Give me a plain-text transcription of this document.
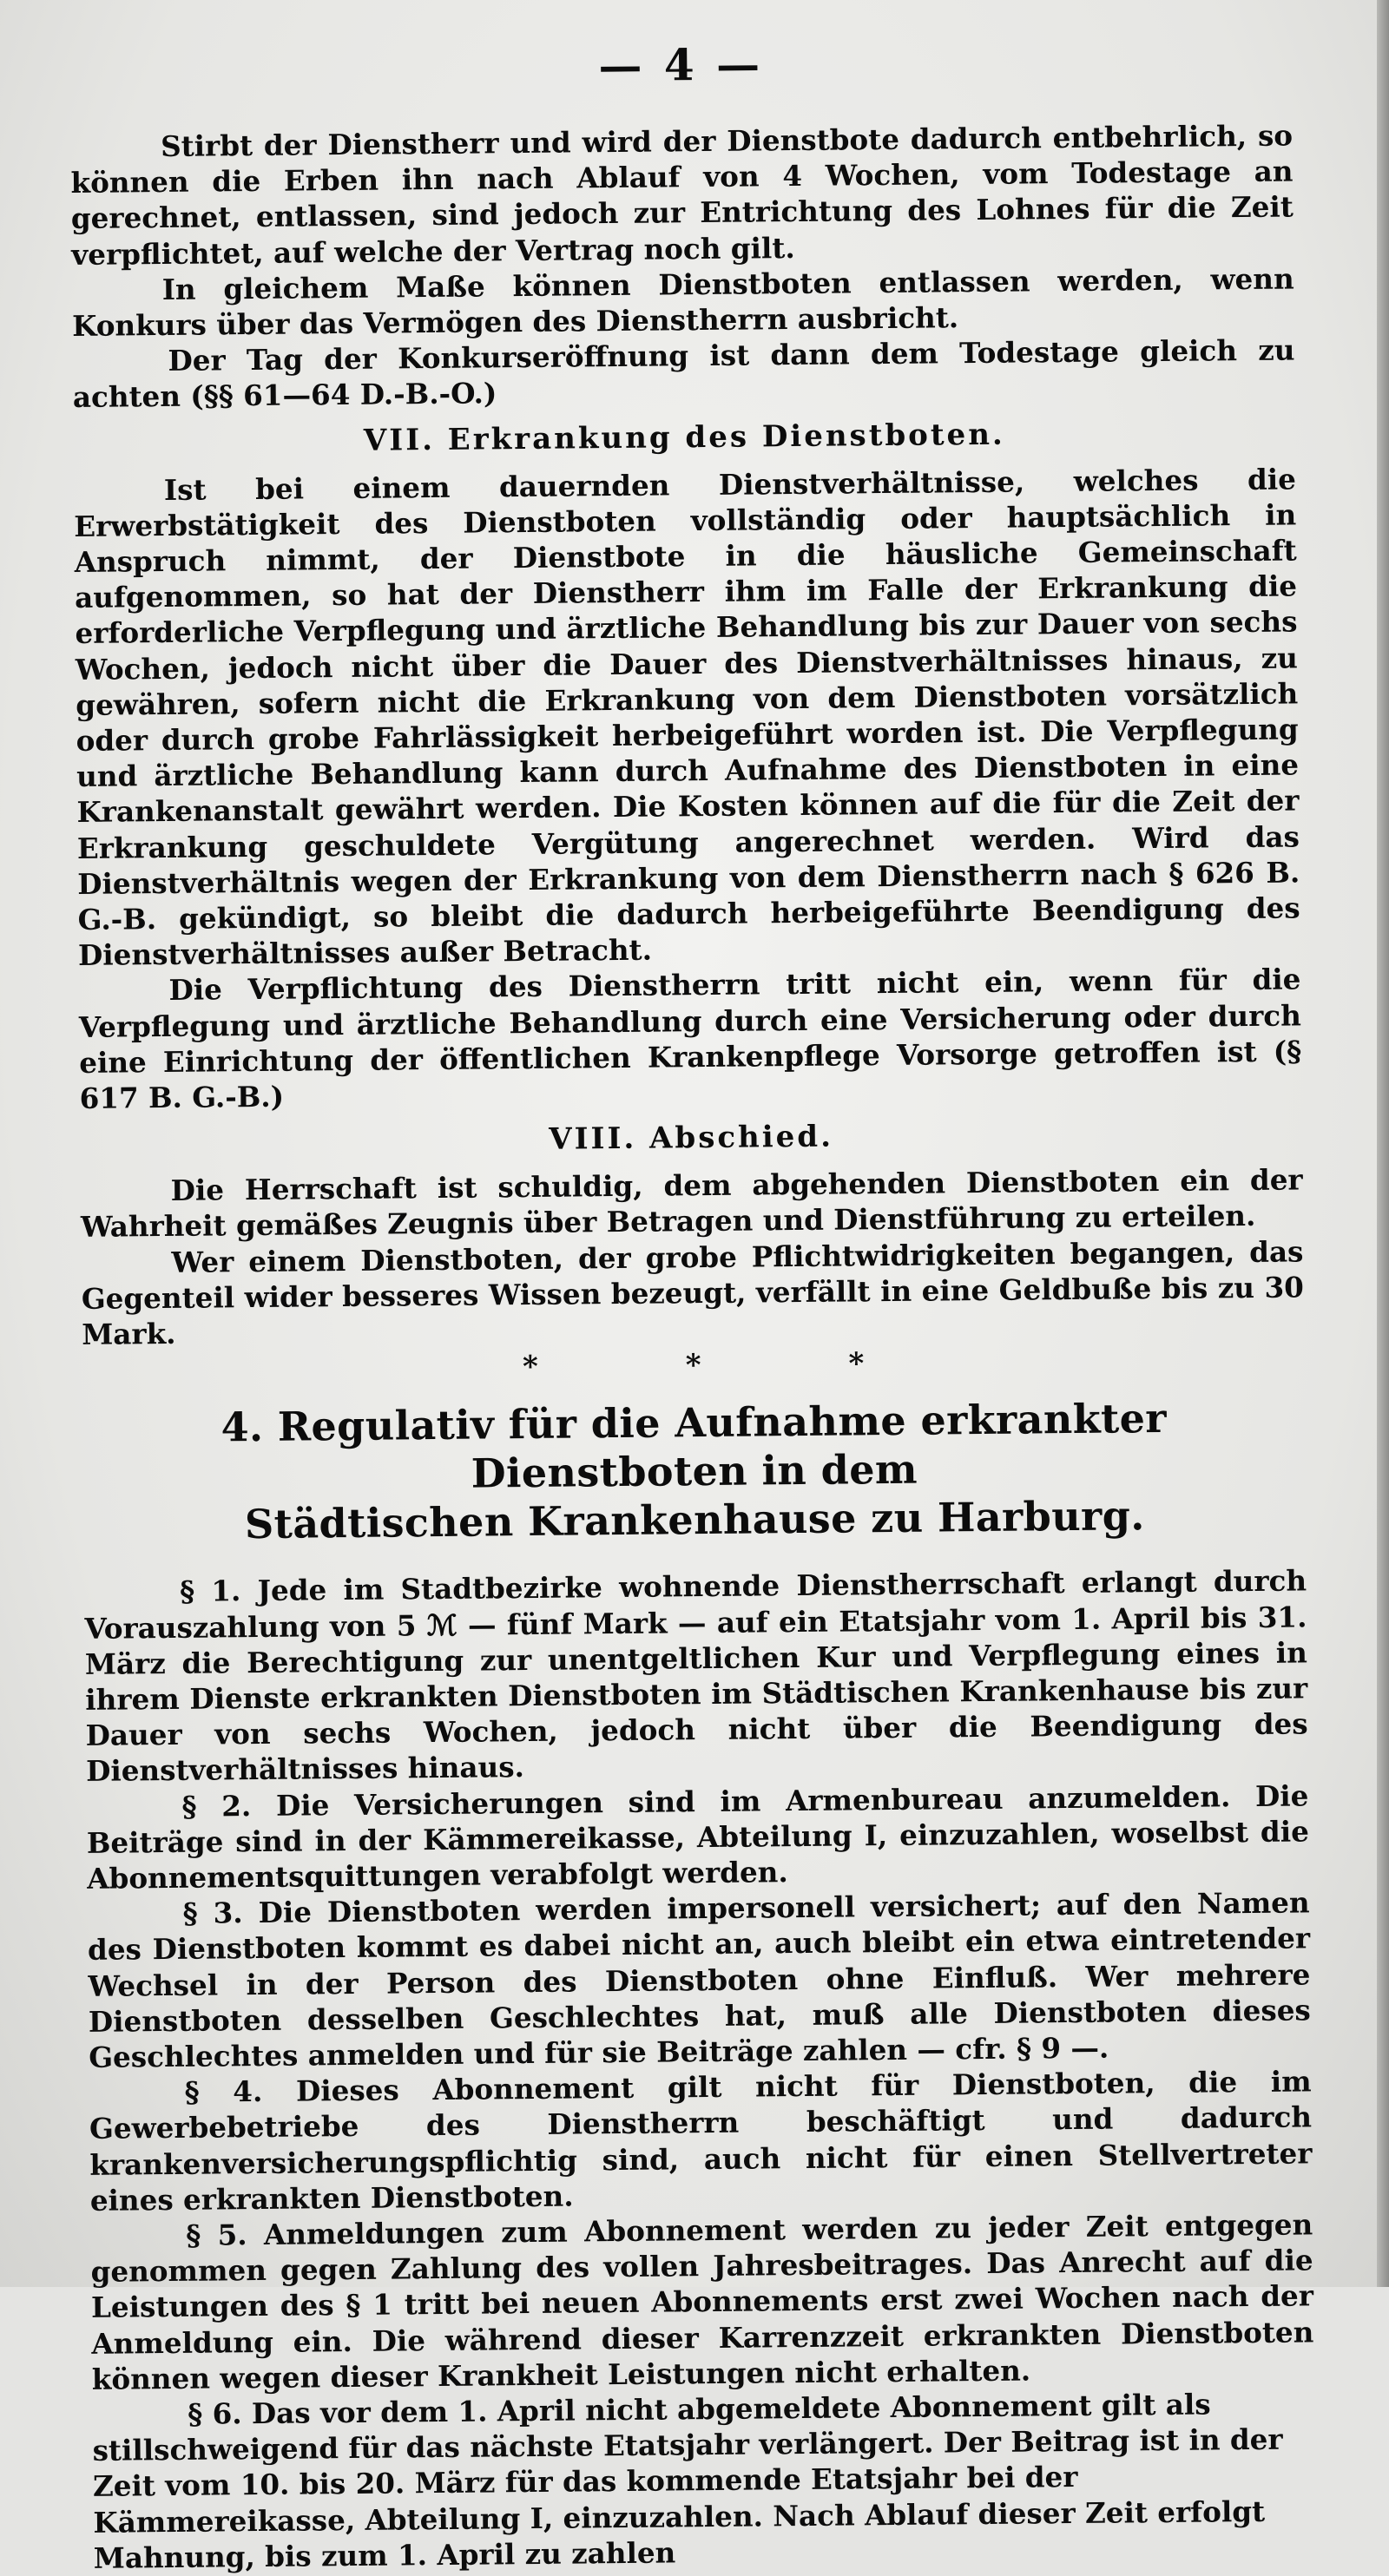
— 4 —

Stirbt der Dienstherr und wird der Dienstbote dadurch entbehrlich, so können die Erben ihn nach Ablauf von 4 Wochen, vom Todestage an gerechnet, entlassen, sind jedoch zur Entrichtung des Lohnes für die Zeit verpflichtet, auf welche der Vertrag noch gilt.

In gleichem Maße können Dienstboten entlassen werden, wenn Konkurs über das Vermögen des Dienstherrn ausbricht.

Der Tag der Konkurseröffnung ist dann dem Todestage gleich zu achten (§§ 61—64 D.-B.-O.)

VII. Erkrankung des Dienstboten.

Ist bei einem dauernden Dienstverhältnisse, welches die Erwerbstätigkeit des Dienstboten vollständig oder hauptsächlich in Anspruch nimmt, der Dienstbote in die häusliche Gemeinschaft aufgenommen, so hat der Dienstherr ihm im Falle der Erkrankung die erforderliche Verpflegung und ärztliche Behandlung bis zur Dauer von sechs Wochen, jedoch nicht über die Dauer des Dienstverhältnisses hinaus, zu gewähren, sofern nicht die Erkrankung von dem Dienstboten vorsätzlich oder durch grobe Fahrlässigkeit herbeigeführt worden ist. Die Verpflegung und ärztliche Behandlung kann durch Aufnahme des Dienstboten in eine Krankenanstalt gewährt werden. Die Kosten können auf die für die Zeit der Erkrankung geschuldete Vergütung angerechnet werden. Wird das Dienstverhältnis wegen der Erkrankung von dem Dienstherrn nach § 626 B. G.-B. gekündigt, so bleibt die dadurch herbeigeführte Beendigung des Dienstverhältnisses außer Betracht.

Die Verpflichtung des Dienstherrn tritt nicht ein, wenn für die Verpflegung und ärztliche Behandlung durch eine Versicherung oder durch eine Einrichtung der öffentlichen Krankenpflege Vorsorge getroffen ist (§ 617 B. G.-B.)

VIII. Abschied.

Die Herrschaft ist schuldig, dem abgehenden Dienstboten ein der Wahrheit gemäßes Zeugnis über Betragen und Dienstführung zu erteilen.

Wer einem Dienstboten, der grobe Pflichtwidrigkeiten begangen, das Gegenteil wider besseres Wissen bezeugt, verfällt in eine Geldbuße bis zu 30 Mark.

*	*	*
4. Regulativ für die Aufnahme erkrankter Dienstboten in dem
Städtischen Krankenhause zu Harburg.

§ 1. Jede im Stadtbezirke wohnende Dienstherrschaft erlangt durch Vorauszahlung von 5 ℳ — fünf Mark — auf ein Etatsjahr vom 1. April bis 31. März die Berechtigung zur unentgeltlichen Kur und Verpflegung eines in ihrem Dienste erkrankten Dienstboten im Städtischen Krankenhause bis zur Dauer von sechs Wochen, jedoch nicht über die Beendigung des Dienstverhältnisses hinaus.

§ 2. Die Versicherungen sind im Armenbureau anzumelden. Die Beiträge sind in der Kämmereikasse, Abteilung I, einzuzahlen, woselbst die Abonnementsquittungen verabfolgt werden.

§ 3. Die Dienstboten werden impersonell versichert; auf den Namen des Dienstboten kommt es dabei nicht an, auch bleibt ein etwa eintretender Wechsel in der Person des Dienstboten ohne Einfluß. Wer mehrere Dienstboten desselben Geschlechtes hat, muß alle Dienstboten dieses Geschlechtes anmelden und für sie Beiträge zahlen — cfr. § 9 —.

§ 4. Dieses Abonnement gilt nicht für Dienstboten, die im Gewerbebetriebe des Dienstherrn beschäftigt und dadurch krankenversicherungspflichtig sind, auch nicht für einen Stellvertreter eines erkrankten Dienstboten.

§ 5. Anmeldungen zum Abonnement werden zu jeder Zeit entgegen genommen gegen Zahlung des vollen Jahresbeitrages. Das Anrecht auf die Leistungen des § 1 tritt bei neuen Abonnements erst zwei Wochen nach der Anmeldung ein. Die während dieser Karrenzzeit erkrankten Dienstboten können wegen dieser Krankheit Leistungen nicht erhalten.

§ 6. Das vor dem 1. April nicht abgemeldete Abonnement gilt als stillschweigend für das nächste Etatsjahr verlängert. Der Beitrag ist in der Zeit vom 10. bis 20. März für das kommende Etatsjahr bei der Kämmereikasse, Abteilung I, einzuzahlen. Nach Ablauf dieser Zeit erfolgt Mahnung, bis zum 1. April zu zahlen
